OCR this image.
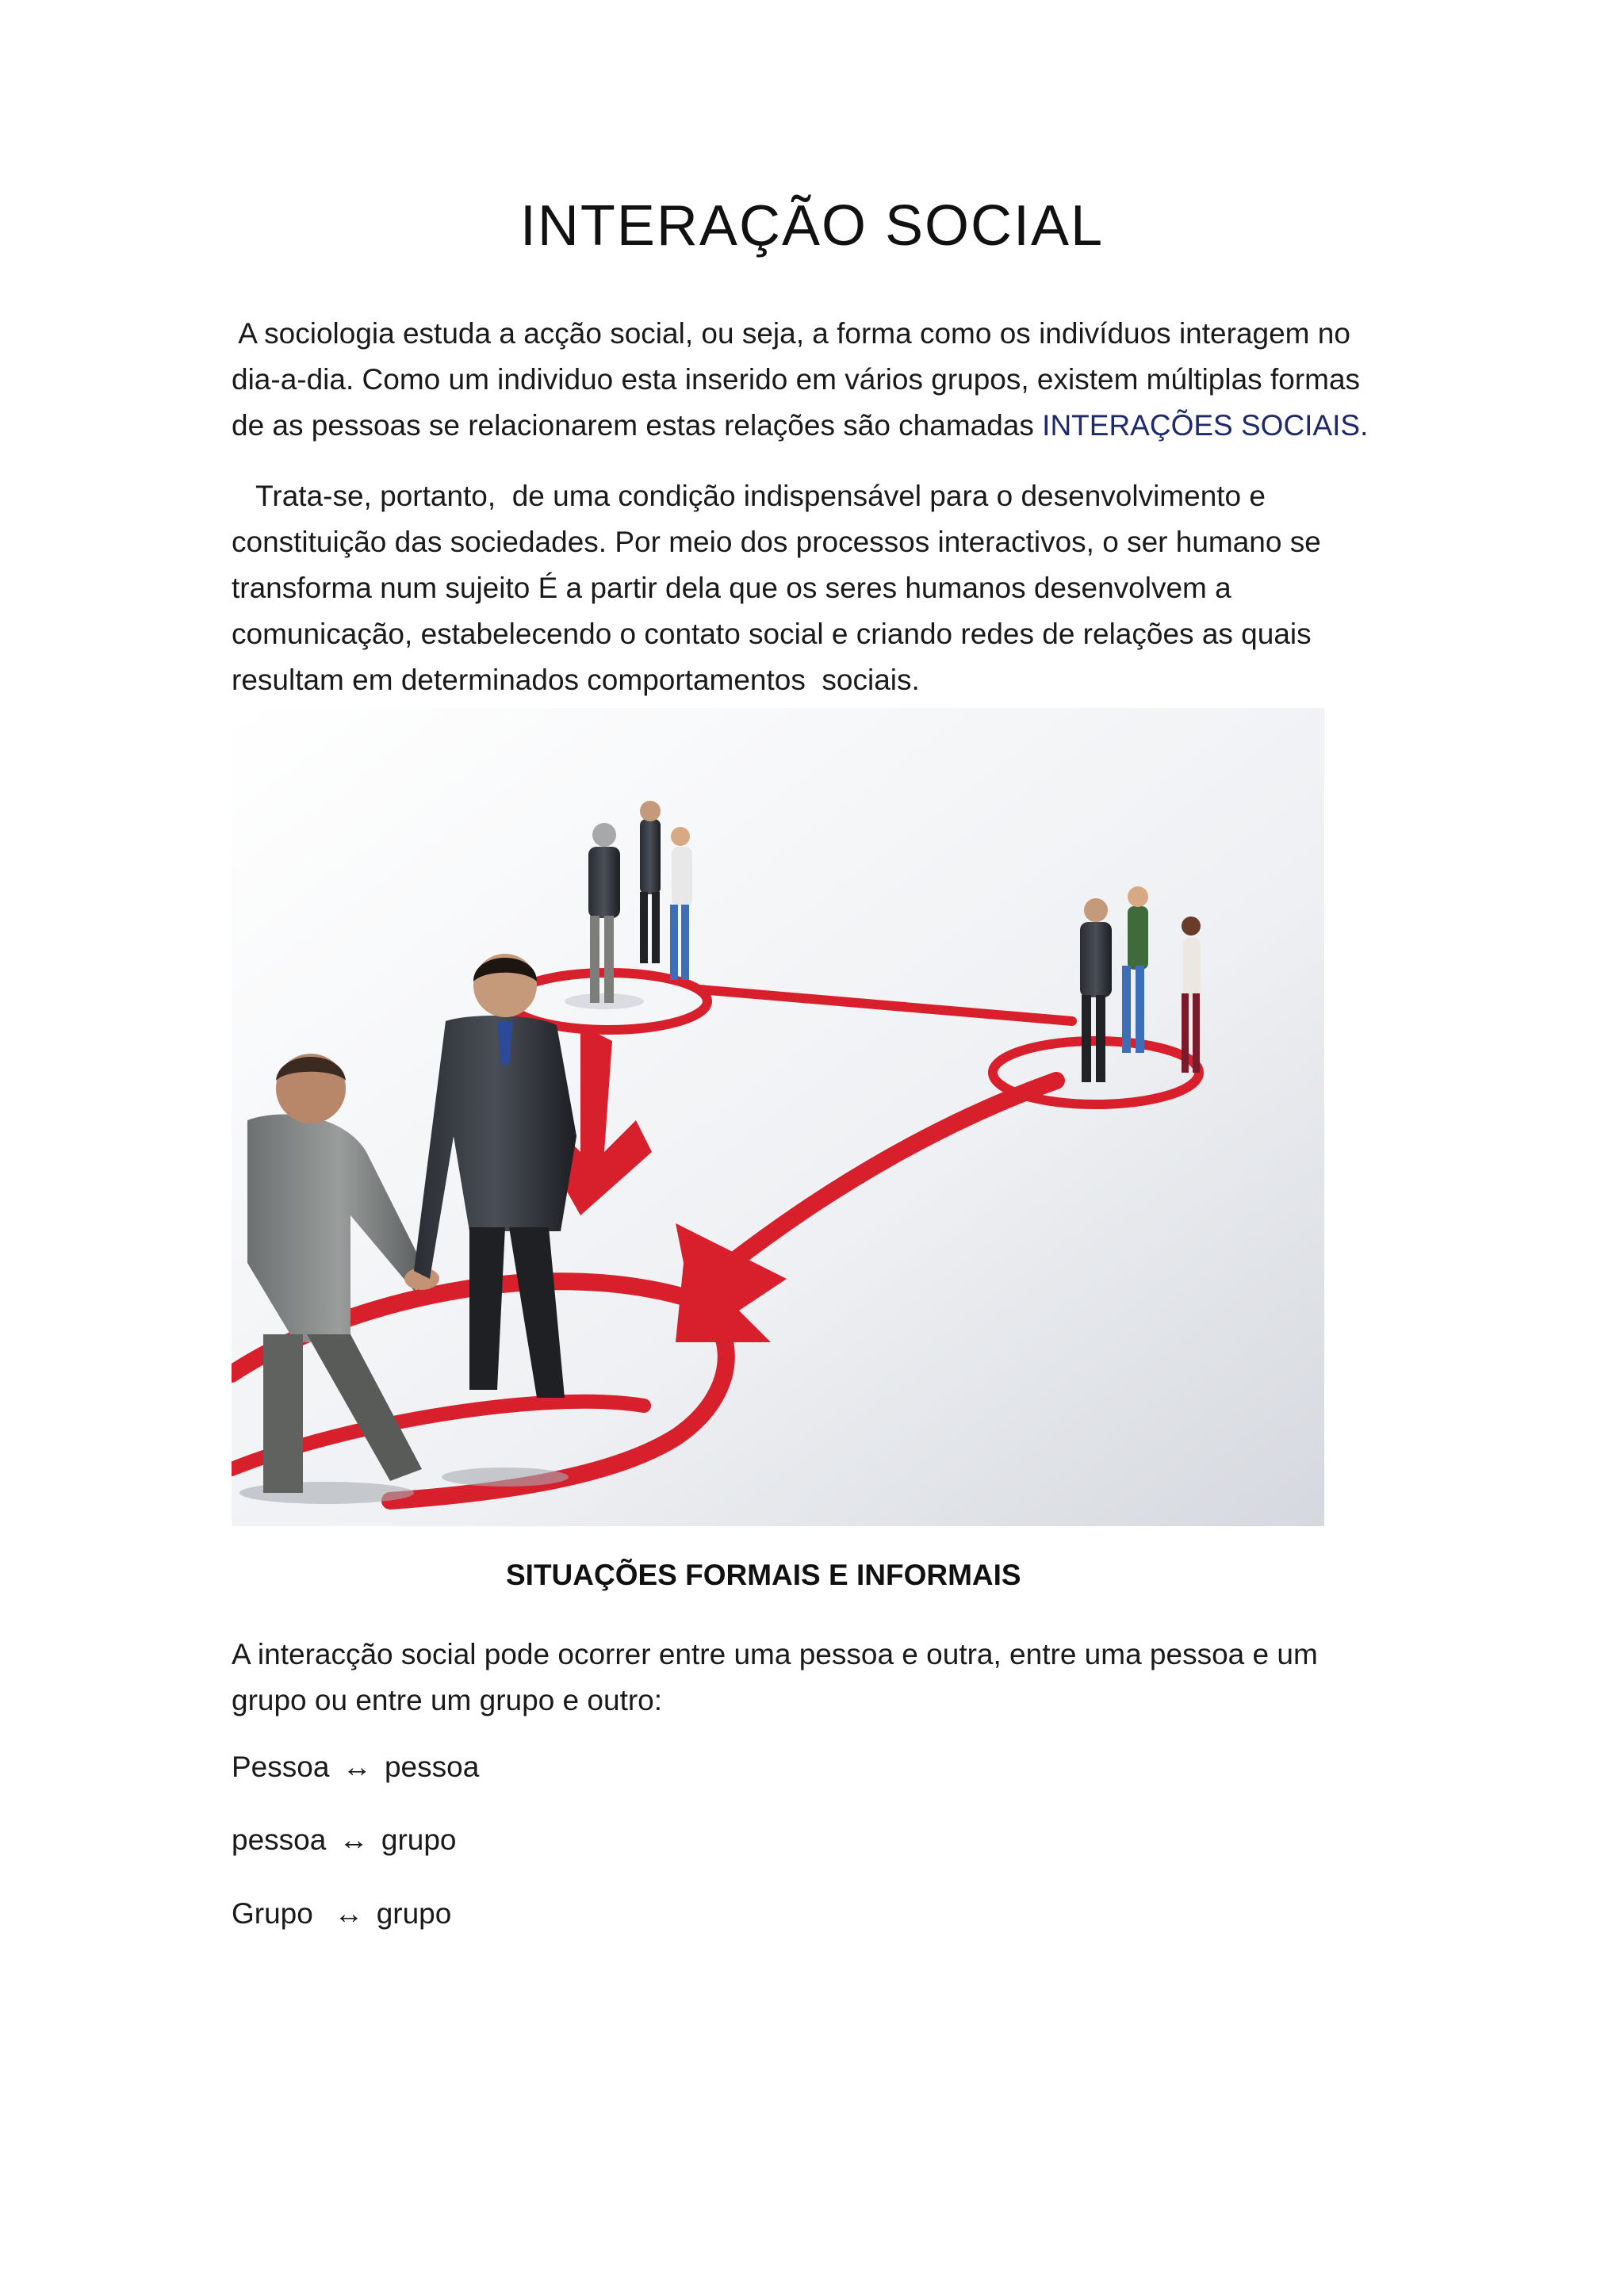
INTERAÇÃO SOCIAL

A sociologia estuda a acção social, ou seja, a forma como os indivíduos interagem no

dia-a-dia. Como um individuo esta inserido em vários grupos, existem múltiplas formas

de as pessoas se relacionarem estas relações são chamadas INTERAÇÕES SOCIAIS.

Trata-se, portanto,  de uma condição indispensável para o desenvolvimento e

constituição das sociedades. Por meio dos processos interactivos, o ser humano se

transforma num sujeito É a partir dela que os seres humanos desenvolvem a

comunicação, estabelecendo o contato social e criando redes de relações as quais

resultam em determinados comportamentos  sociais.

SITUAÇÕES FORMAIS E INFORMAIS

A interacção social pode ocorrer entre uma pessoa e outra, entre uma pessoa e um

grupo ou entre um grupo e outro:

Pessoa ↔ pessoa
pessoa ↔ grupo
Grupo  ↔ grupo
